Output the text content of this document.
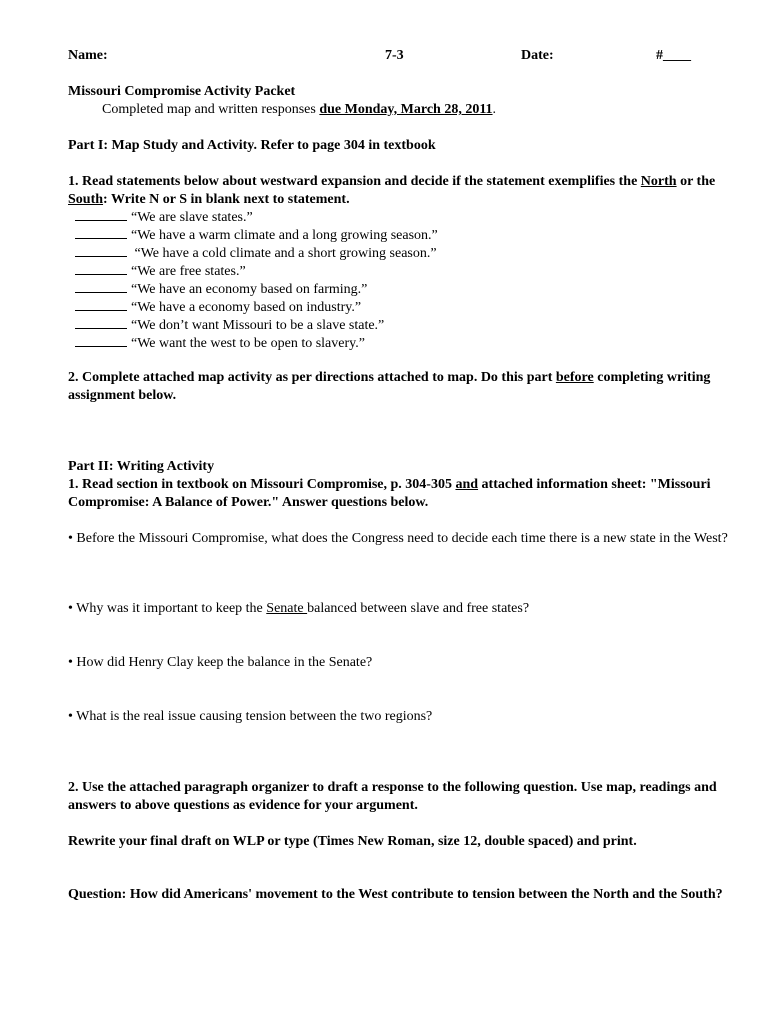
Name:	7-3	Date:	#____
Missouri Compromise Activity Packet
Completed map and written responses due Monday, March 28, 2011.
Part I: Map Study and Activity. Refer to page 304 in textbook
1. Read statements below about westward expansion and decide if the statement exemplifies the North or the South: Write N or S in blank next to statement.
“We are slave states.”
“We have a warm climate and a long growing season.”
“We have a cold climate and a short growing season.”
“We are free states.”
“We have an economy based on farming.”
“We have a economy based on industry.”
“We don’t want Missouri to be a slave state.”
“We want the west to be open to slavery.”
2. Complete attached map activity as per directions attached to map. Do this part before completing writing assignment below.
Part II: Writing Activity
1. Read section in textbook on Missouri Compromise, p. 304-305 and attached information sheet: "Missouri Compromise: A Balance of Power." Answer questions below.
• Before the Missouri Compromise, what does the Congress need to decide each time there is a new state in the West?
• Why was it important to keep the Senate balanced between slave and free states?
• How did Henry Clay keep the balance in the Senate?
• What is the real issue causing tension between the two regions?
2. Use the attached paragraph organizer to draft a response to the following question. Use map, readings and answers to above questions as evidence for your argument.
Rewrite your final draft on WLP or type (Times New Roman, size 12, double spaced) and print.
Question: How did Americans' movement to the West contribute to tension between the North and the South?
